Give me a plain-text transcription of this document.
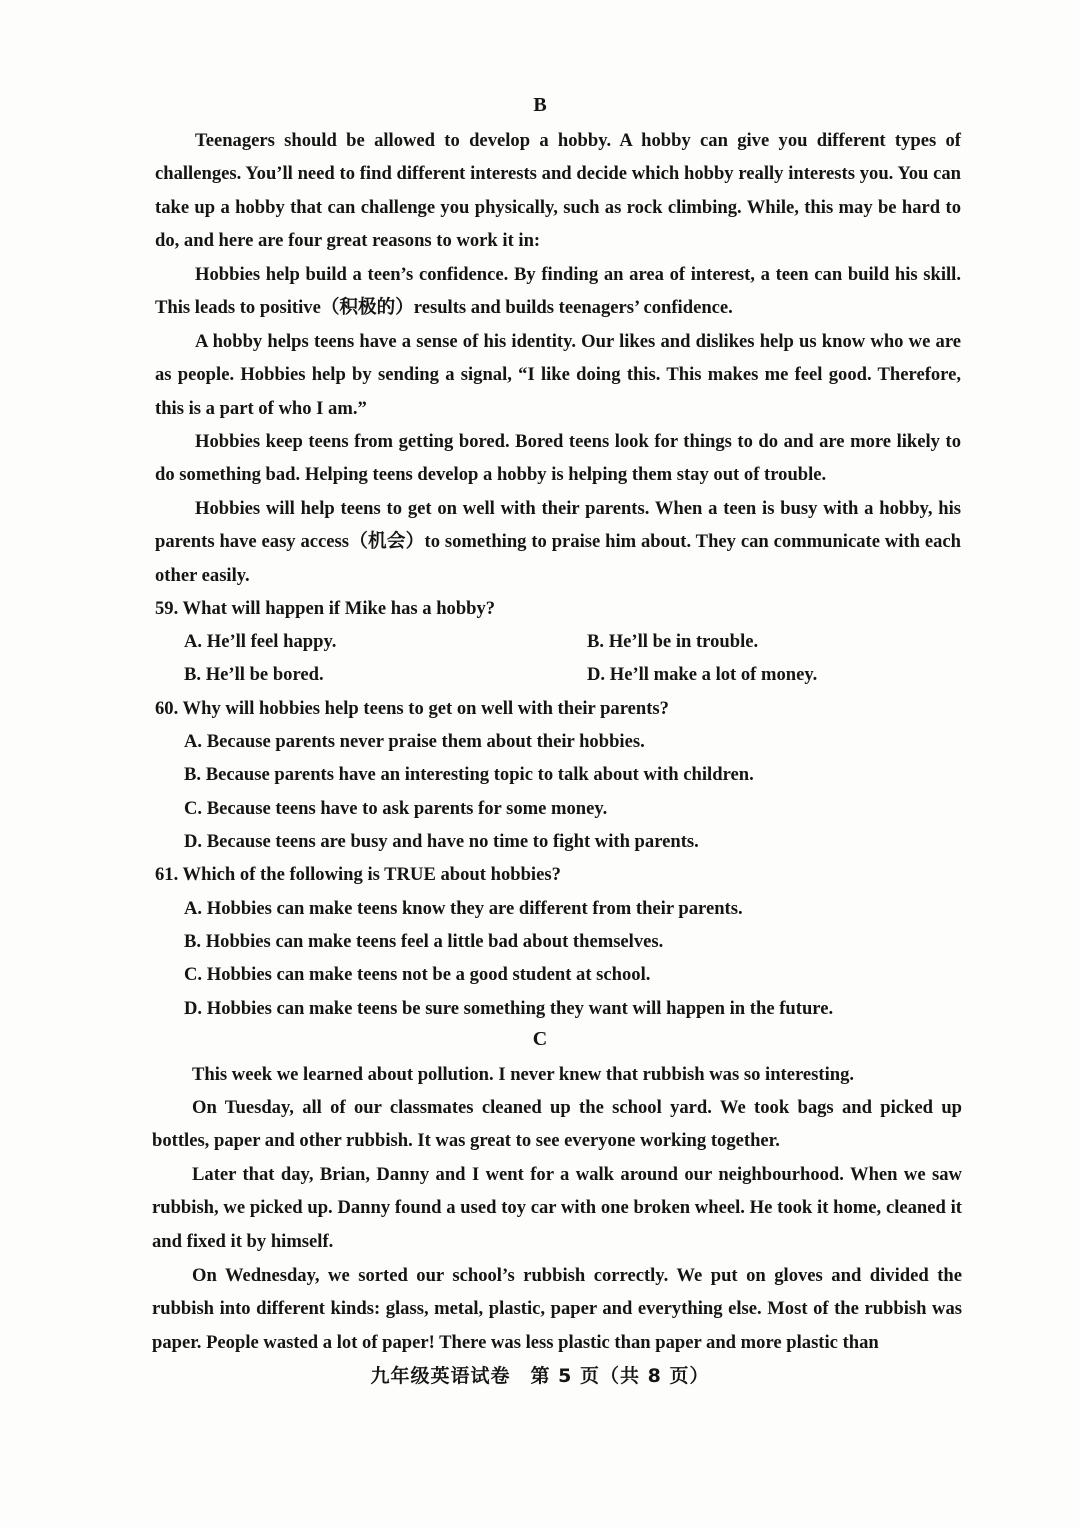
B

Teenagers should be allowed to develop a hobby. A hobby can give you different types of challenges. You’ll need to find different interests and decide which hobby really interests you. You can take up a hobby that can challenge you physically, such as rock climbing. While, this may be hard to do, and here are four great reasons to work it in:

Hobbies help build a teen’s confidence. By finding an area of interest, a teen can build his skill. This leads to positive（积极的）results and builds teenagers’ confidence.

A hobby helps teens have a sense of his identity. Our likes and dislikes help us know who we are as people. Hobbies help by sending a signal, “I like doing this. This makes me feel good. Therefore, this is a part of who I am.”

Hobbies keep teens from getting bored. Bored teens look for things to do and are more likely to do something bad. Helping teens develop a hobby is helping them stay out of trouble.

Hobbies will help teens to get on well with their parents. When a teen is busy with a hobby, his parents have easy access（机会）to something to praise him about. They can communicate with each other easily.

59. What will happen if Mike has a hobby?
A. He’ll feel happy.	B. He’ll be in trouble.
B. He’ll be bored.	D. He’ll make a lot of money.
60. Why will hobbies help teens to get on well with their parents?
A. Because parents never praise them about their hobbies.
B. Because parents have an interesting topic to talk about with children.
C. Because teens have to ask parents for some money.
D. Because teens are busy and have no time to fight with parents.
61. Which of the following is TRUE about hobbies?
A. Hobbies can make teens know they are different from their parents.
B. Hobbies can make teens feel a little bad about themselves.
C. Hobbies can make teens not be a good student at school.
D. Hobbies can make teens be sure something they want will happen in the future.
C

This week we learned about pollution. I never knew that rubbish was so interesting.

On Tuesday, all of our classmates cleaned up the school yard. We took bags and picked up bottles, paper and other rubbish. It was great to see everyone working together.

Later that day, Brian, Danny and I went for a walk around our neighbourhood. When we saw rubbish, we picked up. Danny found a used toy car with one broken wheel. He took it home, cleaned it and fixed it by himself.

On Wednesday, we sorted our school’s rubbish correctly. We put on gloves and divided the rubbish into different kinds: glass, metal, plastic, paper and everything else. Most of the rubbish was paper. People wasted a lot of paper! There was less plastic than paper and more plastic than

九年级英语试卷　第 5 页（共 8 页）
